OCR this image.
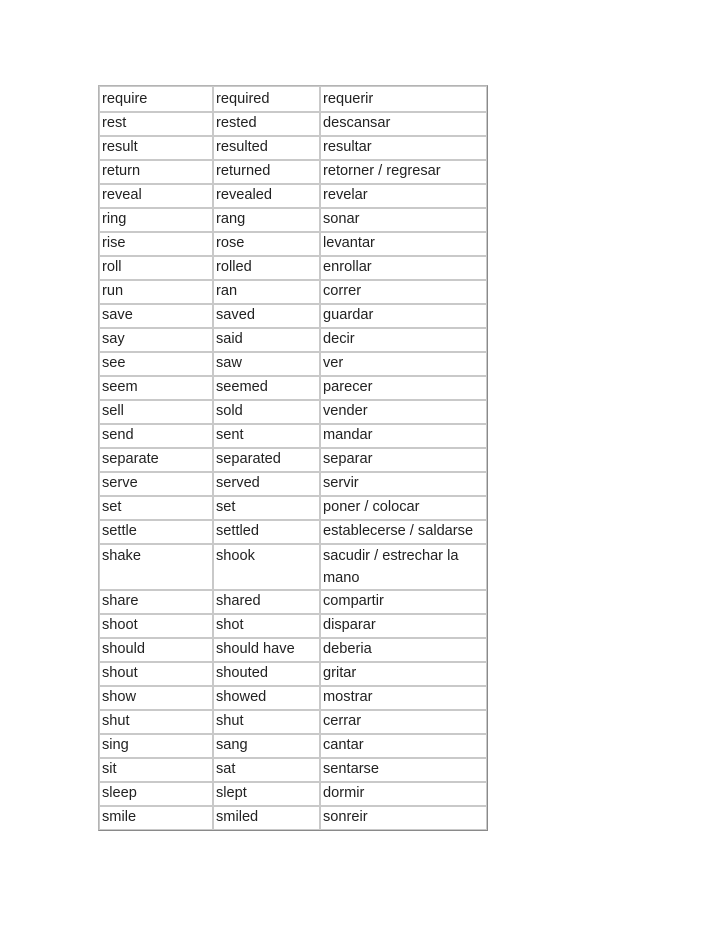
require	required	requerir
rest	rested	descansar
result	resulted	resultar
return	returned	retorner / regresar
reveal	revealed	revelar
ring	rang	sonar
rise	rose	levantar
roll	rolled	enrollar
run	ran	correr
save	saved	guardar
say	said	decir
see	saw	ver
seem	seemed	parecer
sell	sold	vender
send	sent	mandar
separate	separated	separar
serve	served	servir
set	set	poner / colocar
settle	settled	establecerse / saldarse
shake	shook	sacudir / estrechar la mano
share	shared	compartir
shoot	shot	disparar
should	should have	deberia
shout	shouted	gritar
show	showed	mostrar
shut	shut	cerrar
sing	sang	cantar
sit	sat	sentarse
sleep	slept	dormir
smile	smiled	sonreir
